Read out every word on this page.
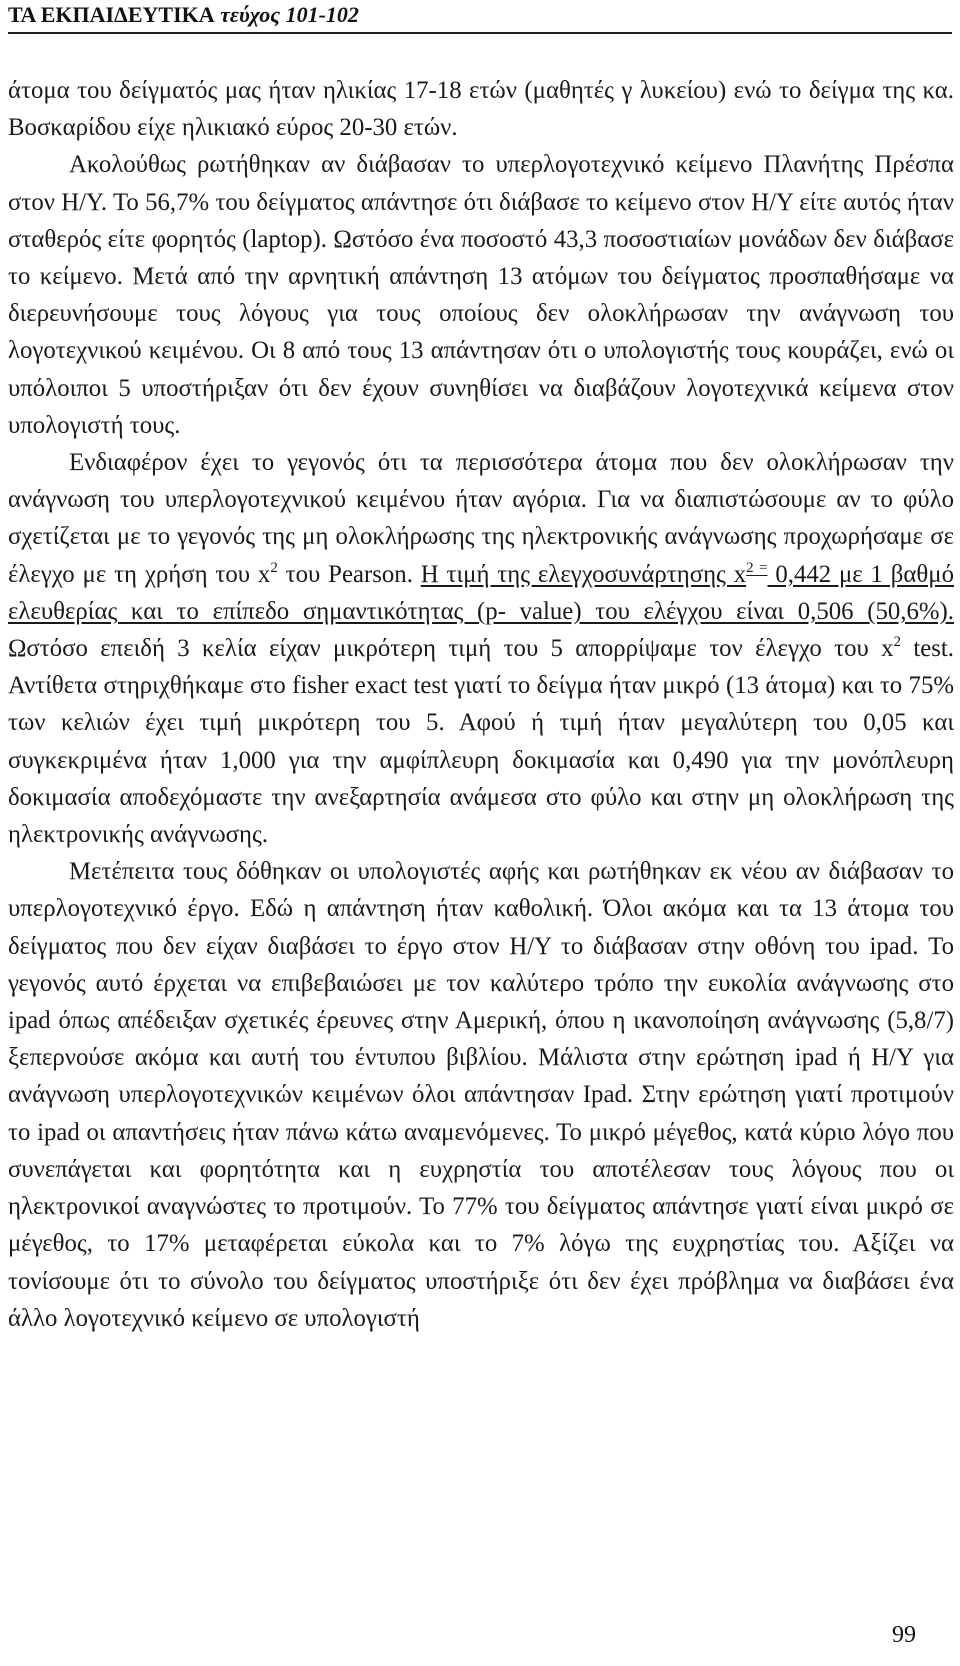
ΤΑ ΕΚΠΑΙΔΕΥΤΙΚΑ τεύχος 101-102

άτομα του δείγματός μας ήταν ηλικίας 17-18 ετών (μαθητές γ λυκείου) ενώ το δείγμα της κα. Βοσκαρίδου είχε ηλικιακό εύρος 20-30 ετών.

Ακολούθως ρωτήθηκαν αν διάβασαν το υπερλογοτεχνικό κείμενο Πλανήτης Πρέσπα στον Η/Υ. Το 56,7% του δείγματος απάντησε ότι διάβασε το κείμενο στον Η/Υ είτε αυτός ήταν σταθερός είτε φορητός (laptop). Ωστόσο ένα ποσοστό 43,3 ποσοστιαίων μονάδων δεν διάβασε το κείμενο. Μετά από την αρνητική απάντηση 13 ατόμων του δείγματος προσπαθήσαμε να διερευνήσουμε τους λόγους για τους οποίους δεν ολοκλήρωσαν την ανάγνωση του λογοτεχνικού κειμένου. Οι 8 από τους 13 απάντησαν ότι ο υπολογιστής τους κουράζει, ενώ οι υπόλοιποι 5 υποστήριξαν ότι δεν έχουν συνηθίσει να διαβάζουν λογοτεχνικά κείμενα στον υπολογιστή τους.

Ενδιαφέρον έχει το γεγονός ότι τα περισσότερα άτομα που δεν ολοκλήρωσαν την ανάγνωση του υπερλογοτεχνικού κειμένου ήταν αγόρια. Για να διαπιστώσουμε αν το φύλο σχετίζεται με το γεγονός της μη ολοκλήρωσης της ηλεκτρονικής ανάγνωσης προχωρήσαμε σε έλεγχο με τη χρήση του $x^2$ του Pearson. Η τιμή της ελεγχοσυνάρτησης $x^{2 =}$ 0,442 με 1 βαθμό ελευθερίας και το επίπεδο σημαντικότητας (p- value) του ελέγχου είναι 0,506 (50,6%). Ωστόσο επειδή 3 κελία είχαν μικρότερη τιμή του 5 απορρίψαμε τον έλεγχο του $x^2$ test. Αντίθετα στηριχθήκαμε στο fisher exact test γιατί το δείγμα ήταν μικρό (13 άτομα) και το 75% των κελιών έχει τιμή μικρότερη του 5. Αφού ή τιμή ήταν μεγαλύτερη του 0,05 και συγκεκριμένα ήταν 1,000 για την αμφίπλευρη δοκιμασία και 0,490 για την μονόπλευρη δοκιμασία αποδεχόμαστε την ανεξαρτησία ανάμεσα στο φύλο και στην μη ολοκλήρωση της ηλεκτρονικής ανάγνωσης.

Μετέπειτα τους δόθηκαν οι υπολογιστές αφής και ρωτήθηκαν εκ νέου αν διάβασαν το υπερλογοτεχνικό έργο. Εδώ η απάντηση ήταν καθολική. Όλοι ακόμα και τα 13 άτομα του δείγματος που δεν είχαν διαβάσει το έργο στον Η/Υ το διάβασαν στην οθόνη του ipad. Το γεγονός αυτό έρχεται να επιβεβαιώσει με τον καλύτερο τρόπο την ευκολία ανάγνωσης στο ipad όπως απέδειξαν σχετικές έρευνες στην Αμερική, όπου η ικανοποίηση ανάγνωσης (5,8/7) ξεπερνούσε ακόμα και αυτή του έντυπου βιβλίου. Μάλιστα στην ερώτηση ipad ή Η/Υ για ανάγνωση υπερλογοτεχνικών κειμένων όλοι απάντησαν Ipad. Στην ερώτηση γιατί προτιμούν το ipad οι απαντήσεις ήταν πάνω κάτω αναμενόμενες. Το μικρό μέγεθος, κατά κύριο λόγο που συνεπάγεται και φορητότητα και η ευχρηστία του αποτέλεσαν τους λόγους που οι ηλεκτρονικοί αναγνώστες το προτιμούν. Το 77% του δείγματος απάντησε γιατί είναι μικρό σε μέγεθος, το 17% μεταφέρεται εύκολα και το 7% λόγω της ευχρηστίας του. Αξίζει να τονίσουμε ότι το σύνολο του δείγματος υποστήριξε ότι δεν έχει πρόβλημα να διαβάσει ένα άλλο λογοτεχνικό κείμενο σε υπολογιστή

99
